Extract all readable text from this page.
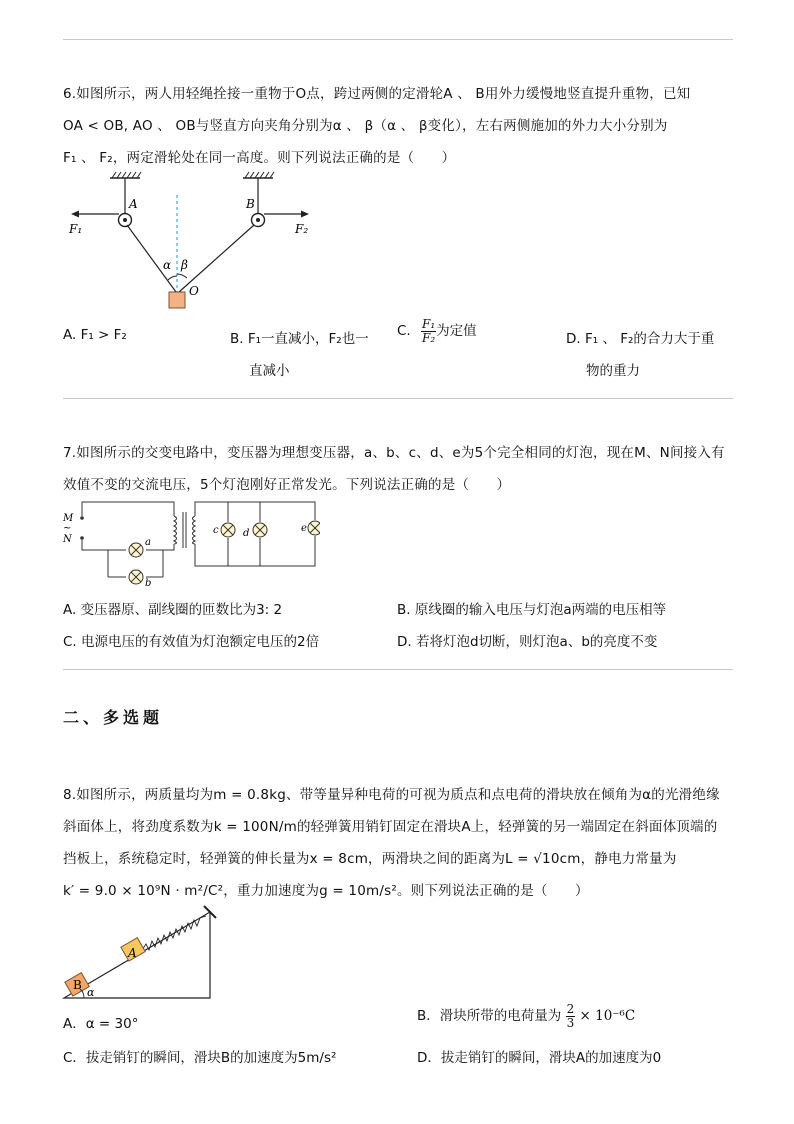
6.如图所示，两人用轻绳拴接一重物于O点，跨过两侧的定滑轮A 、 B用外力缓慢地竖直提升重物，已知
OA < OB, AO 、 OB与竖直方向夹角分别为α 、 β（α 、 β变化），左右两侧施加的外力大小分别为
F₁ 、 F₂，两定滑轮处在同一高度。则下列说法正确的是（　　）
A	B
F₁	F₂
α β
O
A. F₁ > F₂	B. F₁一直减小，F₂也一
直减小
C. $\frac{\text{F₁}}{\text{F₂}}$ 为定值	D. F₁ 、 F₂的合力大于重
物的重力
7.如图所示的交变电路中，变压器为理想变压器，a、b、c、d、e为5个完全相同的灯泡，现在M、N间接入有
效值不变的交流电压，5个灯泡刚好正常发光。下列说法正确的是（　　）
M
~
N	a
b
c d	e
A. 变压器原、副线圈的匝数比为3: 2	B. 原线圈的输入电压与灯泡a两端的电压相等
C. 电源电压的有效值为灯泡额定电压的2倍	D. 若将灯泡d切断，则灯泡a、b的亮度不变
二、多选题
8.如图所示，两质量均为m = 0.8kg、带等量异种电荷的可视为质点和点电荷的滑块放在倾角为α的光滑绝缘
斜面体上，将劲度系数为k = 100N/m的轻弹簧用销钉固定在滑块A上，轻弹簧的另一端固定在斜面体顶端的
挡板上，系统稳定时，轻弹簧的伸长量为x = 8cm，两滑块之间的距离为L = √10cm，静电力常量为
k′ = 9.0 × 10⁹N · m²/C²，重力加速度为g = 10m/s²。则下列说法正确的是（　　）
A
B
α
A．α = 30°	B．滑块所带的电荷量为 $\frac{2}{3} \times 10^{-6}C$
C．拔走销钉的瞬间，滑块B的加速度为5m/s²	D．拔走销钉的瞬间，滑块A的加速度为0
